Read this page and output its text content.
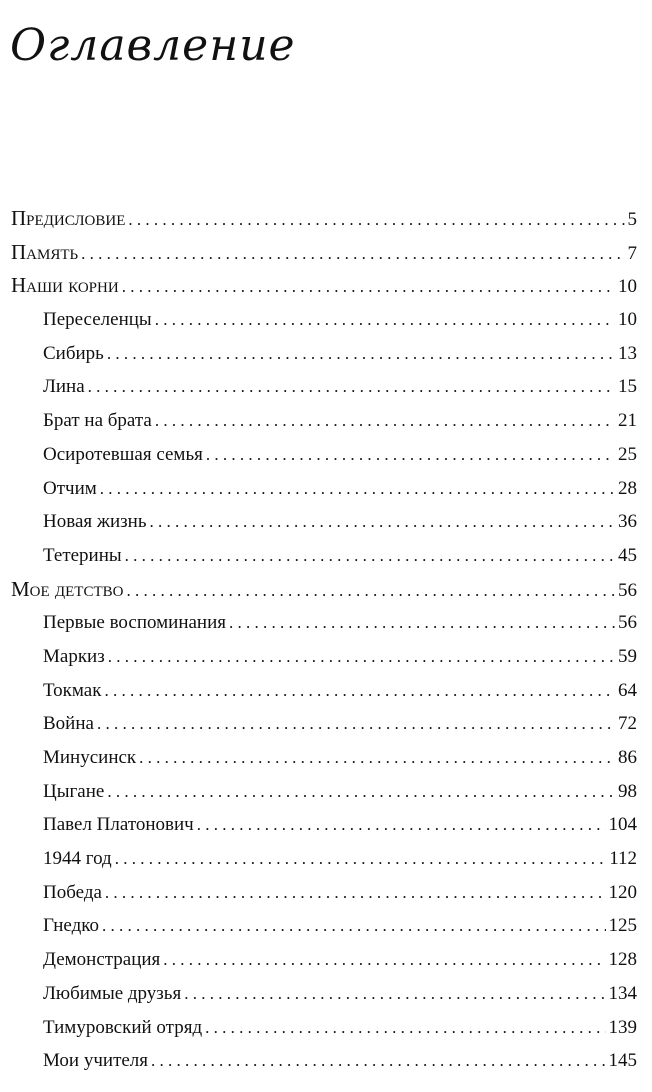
Оглавление
Предисловие . . .	5
Память . . .	7
Наши корни . . .	10
Переселенцы . . .	10
Сибирь . . .	13
Лина . . .	15
Брат на брата . . .	21
Осиротевшая семья . . .	25
Отчим . . .	28
Новая жизнь . . .	36
Тетерины . . .	45
Мое детство . . .	56
Первые воспоминания . . .	56
Маркиз . . .	59
Токмак . . .	64
Война . . .	72
Минусинск . . .	86
Цыгане . . .	98
Павел Платонович . . .	104
1944 год . . .	112
Победа . . .	120
Гнедко . . .	125
Демонстрация . . .	128
Любимые друзья . . .	134
Тимуровский отряд . . .	139
Мои учителя . . .	145
